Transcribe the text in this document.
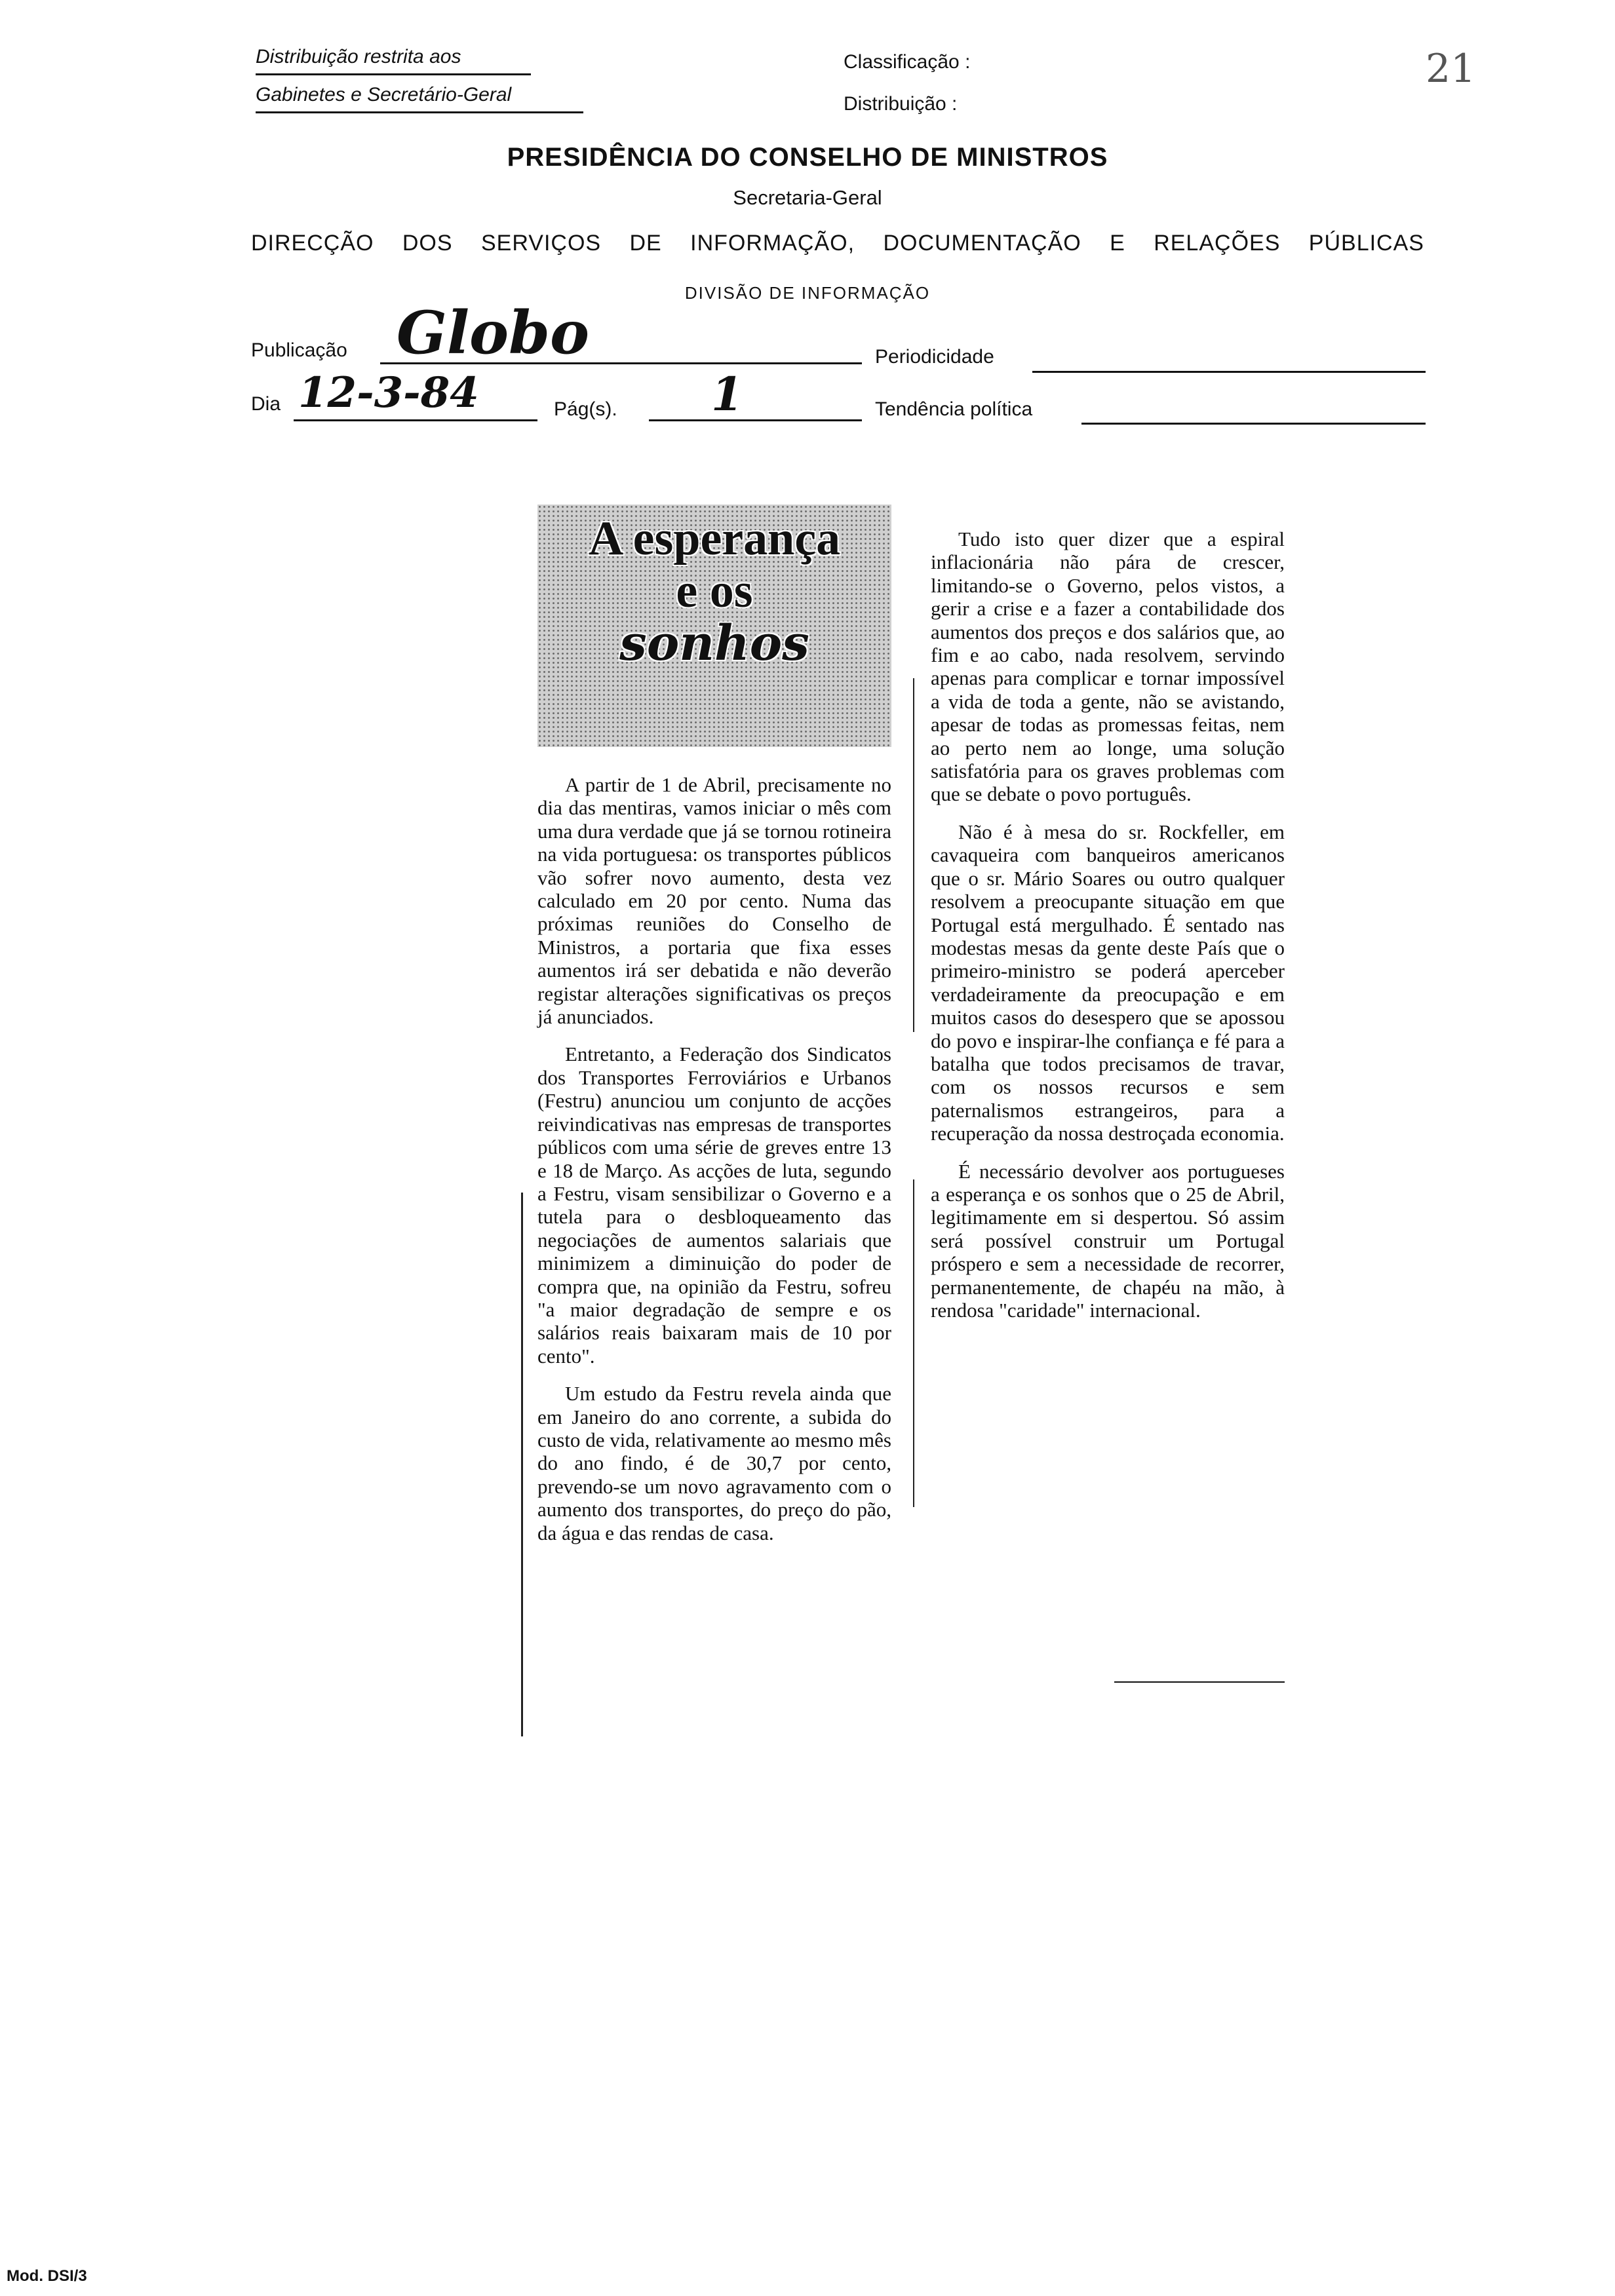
Distribuição restrita aos
Gabinetes e Secretário-Geral
Classificação :
Distribuição :
21
PRESIDÊNCIA DO CONSELHO DE MINISTROS
Secretaria-Geral
DIRECÇÃO DOS SERVIÇOS DE INFORMAÇÃO, DOCUMENTAÇÃO E RELAÇÕES PÚBLICAS
DIVISÃO DE INFORMAÇÃO
Publicação Globo	Periodicidade
Dia 12-3-84	Pág(s). 1	Tendência política
A esperança
e os
sonhos

A partir de 1 de Abril, precisamente no dia das mentiras, vamos iniciar o mês com uma dura verdade que já se tornou rotineira na vida portuguesa: os transportes públicos vão sofrer novo aumento, desta vez calculado em 20 por cento. Numa das próximas reuniões do Conselho de Ministros, a portaria que fixa esses aumentos irá ser debatida e não deverão registar alterações significativas os preços já anunciados.

Entretanto, a Federação dos Sindicatos dos Transportes Ferroviários e Urbanos (Festru) anunciou um conjunto de acções reivindicativas nas empresas de transportes públicos com uma série de greves entre 13 e 18 de Março. As acções de luta, segundo a Festru, visam sensibilizar o Governo e a tutela para o desbloqueamento das negociações de aumentos salariais que minimizem a diminuição do poder de compra que, na opinião da Festru, sofreu "a maior degradação de sempre e os salários reais baixaram mais de 10 por cento".

Um estudo da Festru revela ainda que em Janeiro do ano corrente, a subida do custo de vida, relativamente ao mesmo mês do ano findo, é de 30,7 por cento, prevendo-se um novo agravamento com o aumento dos transportes, do preço do pão, da água e das rendas de casa.

Tudo isto quer dizer que a espiral inflacionária não pára de crescer, limitando-se o Governo, pelos vistos, a gerir a crise e a fazer a contabilidade dos aumentos dos preços e dos salários que, ao fim e ao cabo, nada resolvem, servindo apenas para complicar e tornar impossível a vida de toda a gente, não se avistando, apesar de todas as promessas feitas, nem ao perto nem ao longe, uma solução satisfatória para os graves problemas com que se debate o povo português.

Não é à mesa do sr. Rockfeller, em cavaqueira com banqueiros americanos que o sr. Mário Soares ou outro qualquer resolvem a preocupante situação em que Portugal está mergulhado. É sentado nas modestas mesas da gente deste País que o primeiro-ministro se poderá aperceber verdadeiramente da preocupação e em muitos casos do desespero que se apossou do povo e inspirar-lhe confiança e fé para a batalha que todos precisamos de travar, com os nossos recursos e sem paternalismos estrangeiros, para a recuperação da nossa destroçada economia.

É necessário devolver aos portugueses a esperança e os sonhos que o 25 de Abril, legitimamente em si despertou. Só assim será possível construir um Portugal próspero e sem a necessidade de recorrer, permanentemente, de chapéu na mão, à rendosa "caridade" internacional.

Mod. DSI/3
